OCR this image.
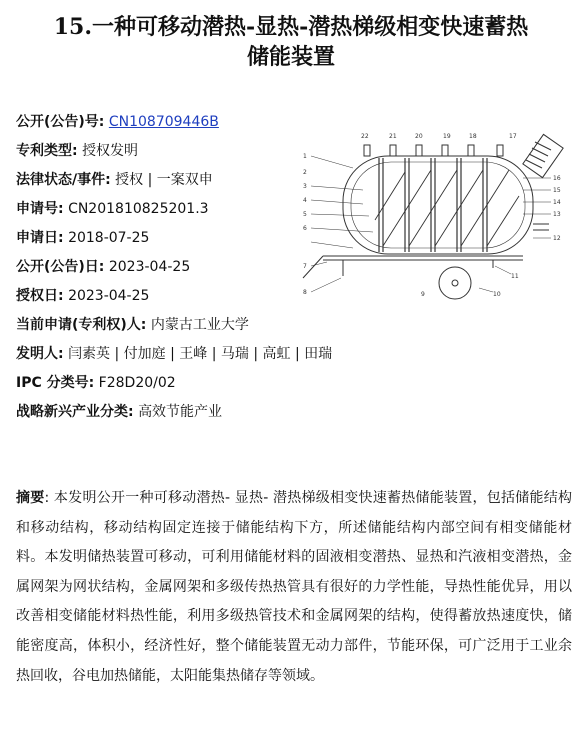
15.一种可移动潜热-显热-潜热梯级相变快速蓄热
储能装置
公开(公告)号: CN108709446B
专利类型: 授权发明
法律状态/事件: 授权 | 一案双申
申请号: CN201810825201.3
申请日: 2018-07-25
公开(公告)日: 2023-04-25
授权日: 2023-04-25
当前申请(专利权)人: 内蒙古工业大学
发明人: 闫素英 | 付加庭 | 王峰 | 马瑞 | 高虹 | 田瑞
IPC 分类号: F28D20/02
战略新兴产业分类: 高效节能产业
1
2
3
4
5
6
7
8	9	10
11
12
13
14
15
16
17
18
19
20
21
22
摘要: 本发明公开一种可移动潜热- 显热- 潜热梯级相变快速蓄热储能装置，包括储能结构和移动结构，移动结构固定连接于储能结构下方，所述储能结构内部空间有相变储能材料。本发明储热装置可移动，可利用储能材料的固液相变潜热、显热和汽液相变潜热，金属网架为网状结构，金属网架和多级传热热管具有很好的力学性能，导热性能优异，用以改善相变储能材料热性能，利用多级热管技术和金属网架的结构，使得蓄放热速度快，储能密度高，体积小，经济性好，整个储能装置无动力部件，节能环保，可广泛用于工业余热回收，谷电加热储能，太阳能集热储存等领域。
